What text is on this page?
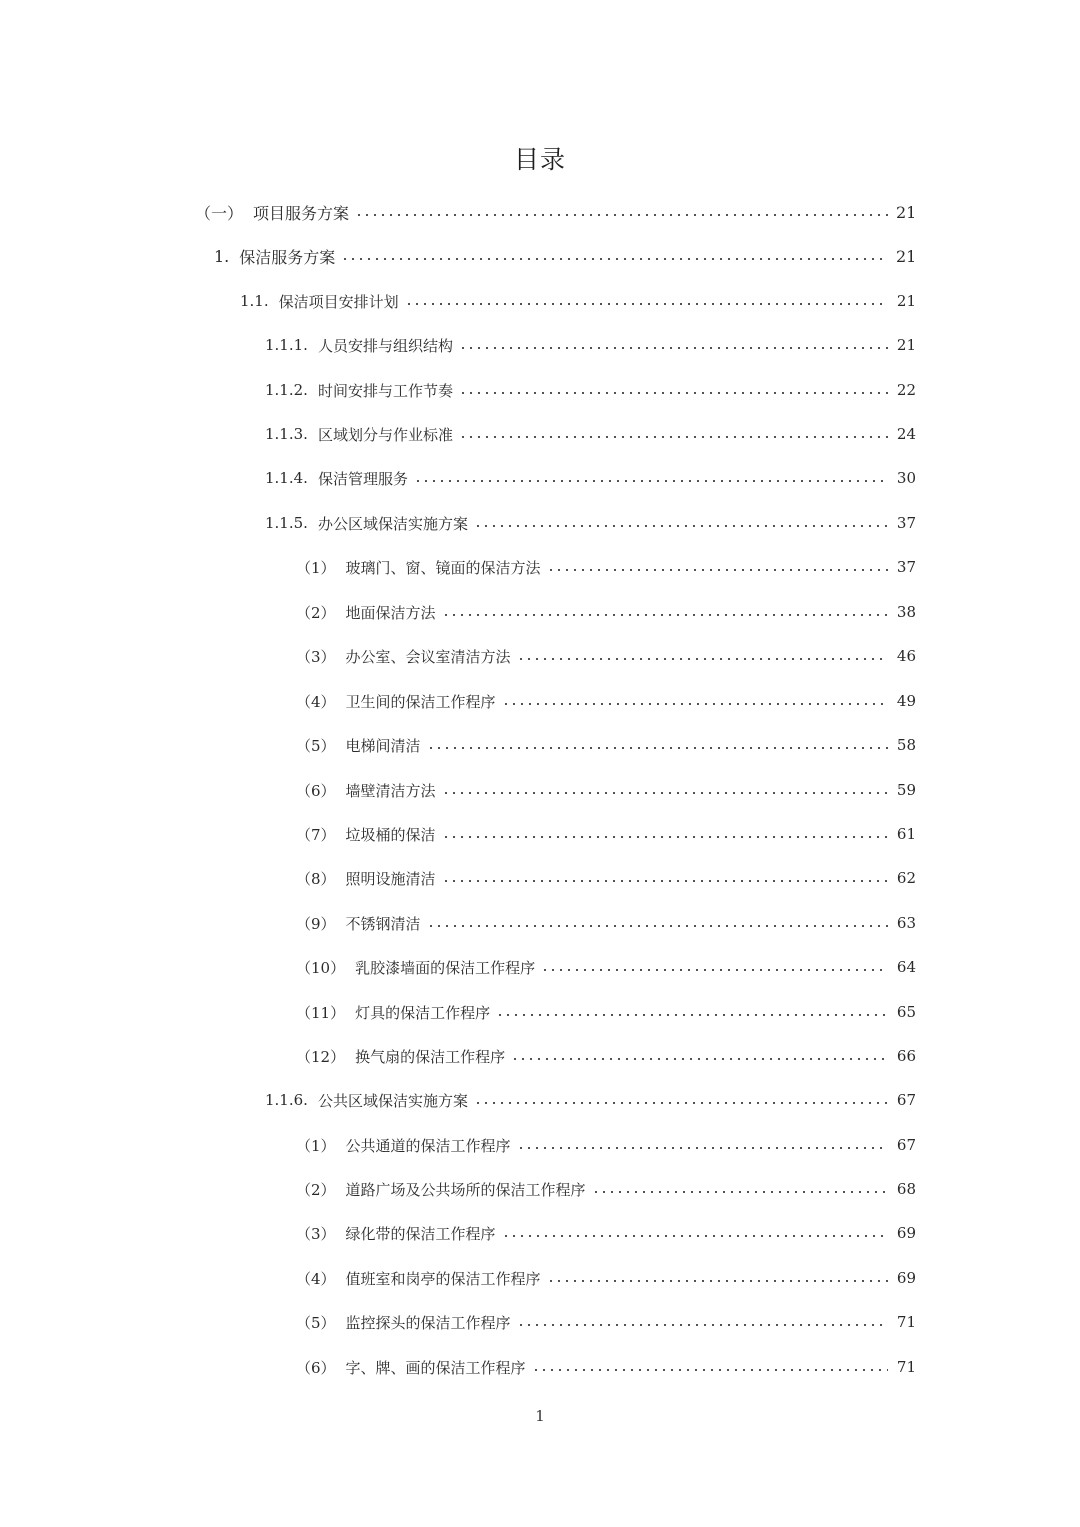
目录
（一） 项目服务方案	21
1. 保洁服务方案	21
1.1. 保洁项目安排计划	21
1.1.1. 人员安排与组织结构	21
1.1.2. 时间安排与工作节奏	22
1.1.3. 区域划分与作业标准	24
1.1.4. 保洁管理服务	30
1.1.5. 办公区域保洁实施方案	37
（1） 玻璃门、窗、镜面的保洁方法	37
（2） 地面保洁方法	38
（3） 办公室、会议室清洁方法	46
（4） 卫生间的保洁工作程序	49
（5） 电梯间清洁	58
（6） 墙壁清洁方法	59
（7） 垃圾桶的保洁	61
（8） 照明设施清洁	62
（9） 不锈钢清洁	63
（10） 乳胶漆墙面的保洁工作程序	64
（11） 灯具的保洁工作程序	65
（12） 换气扇的保洁工作程序	66
1.1.6. 公共区域保洁实施方案	67
（1） 公共通道的保洁工作程序	67
（2） 道路广场及公共场所的保洁工作程序	68
（3） 绿化带的保洁工作程序	69
（4） 值班室和岗亭的保洁工作程序	69
（5） 监控探头的保洁工作程序	71
（6） 字、牌、画的保洁工作程序	71
1
